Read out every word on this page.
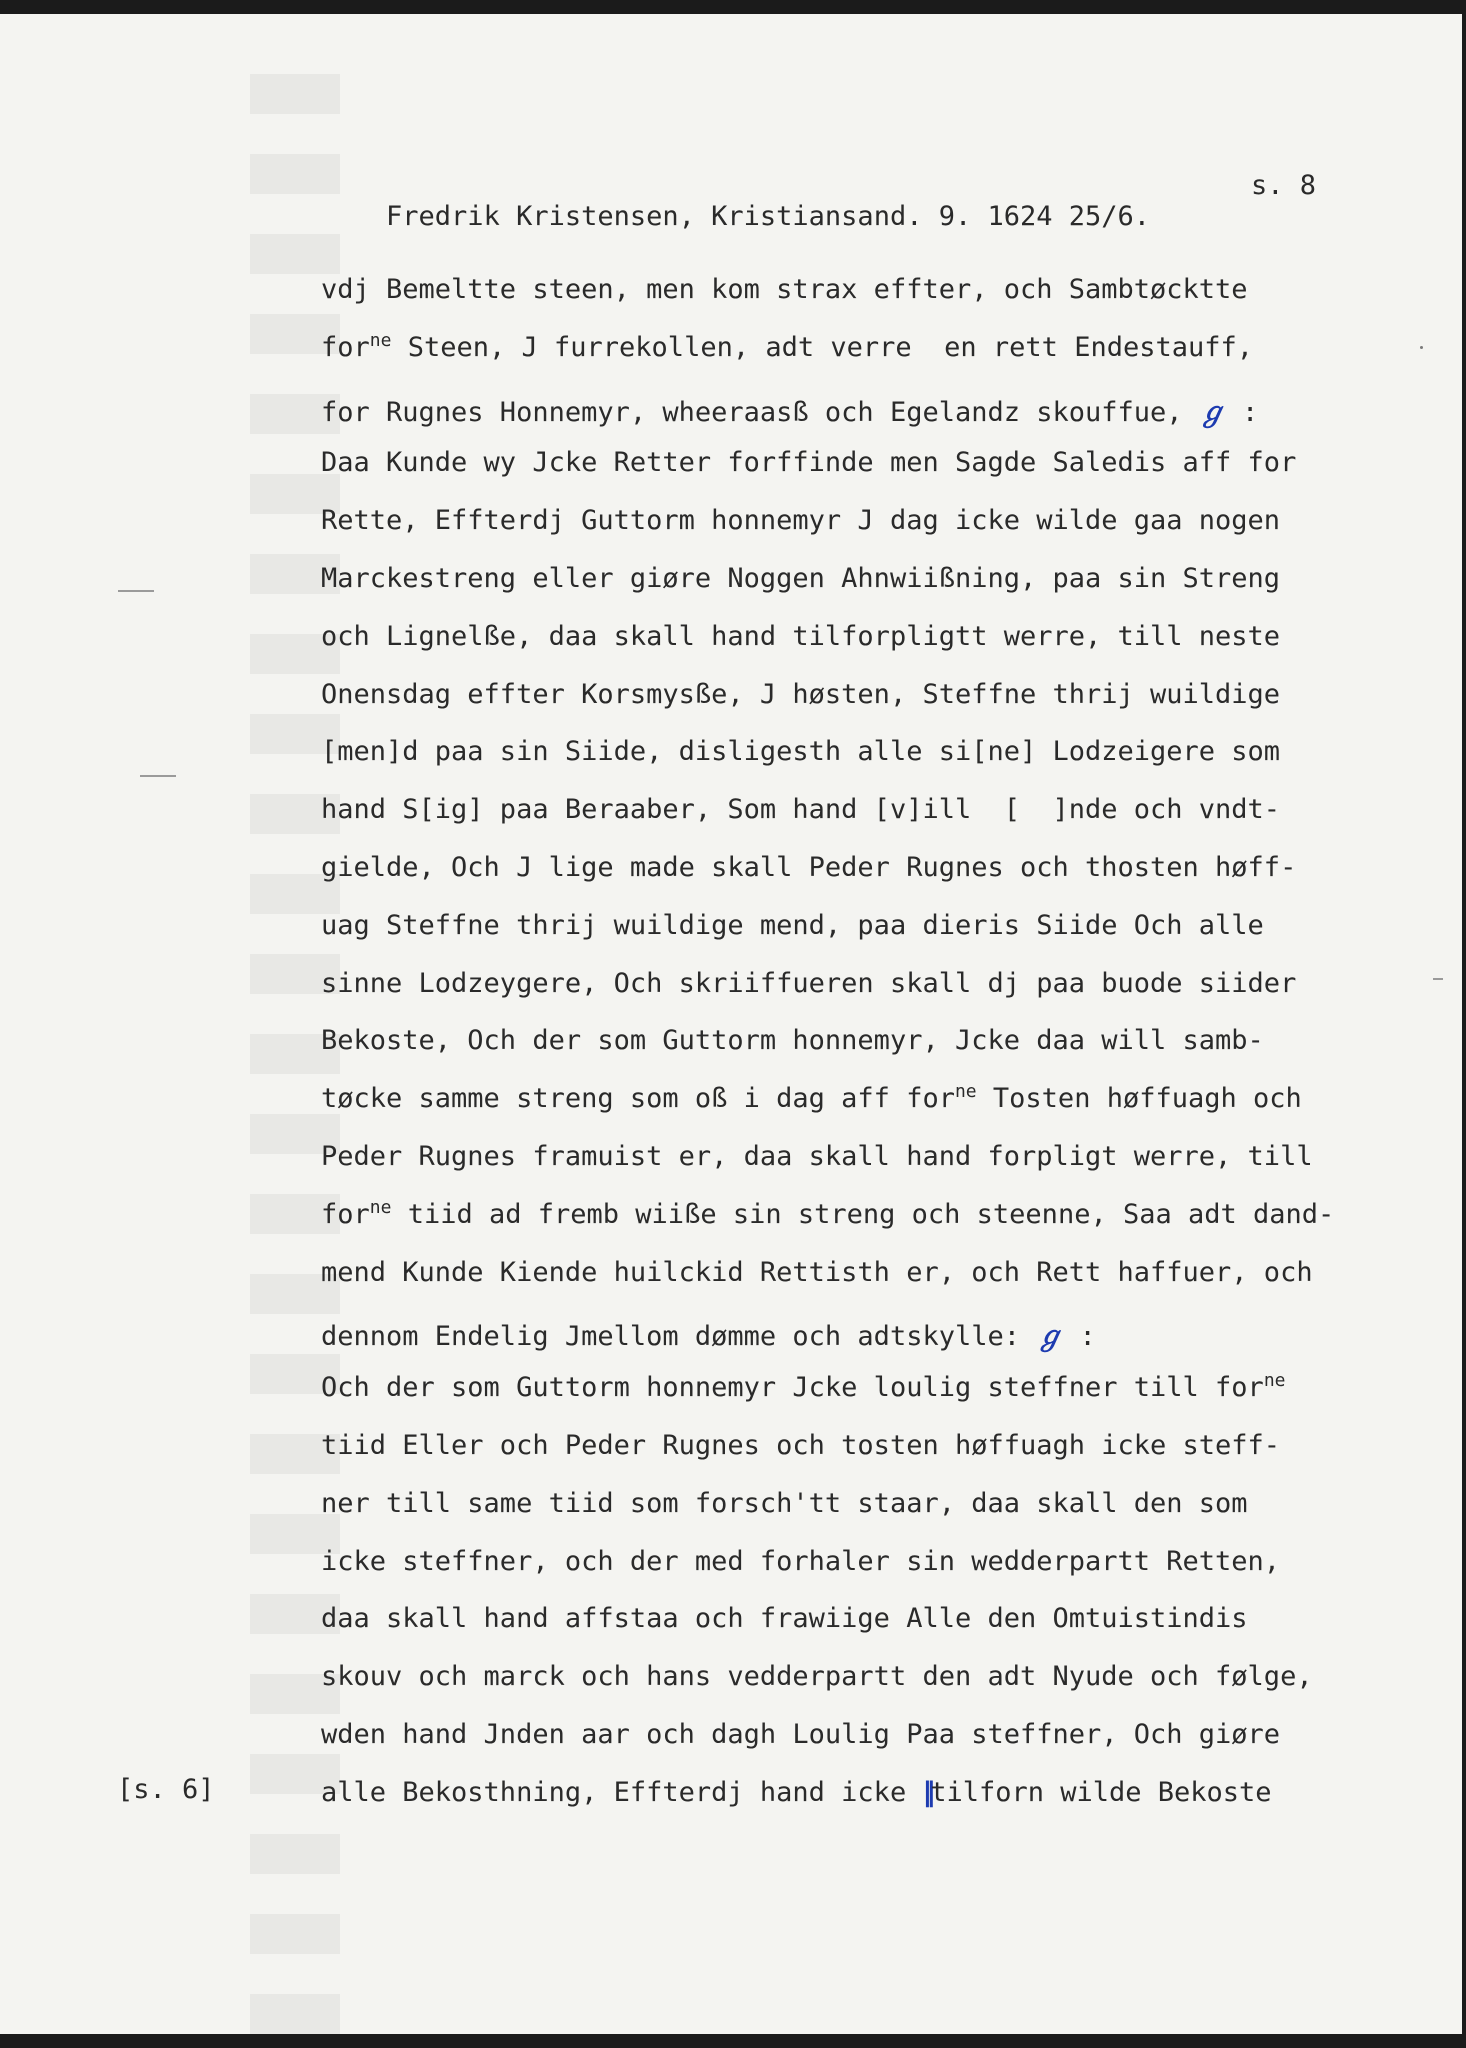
Fredrik Kristensen, Kristiansand. 9. 1624 25/6.

s. 8

[s. 6]
vdj Bemeltte steen, men kom strax effter, och Sambtøcktte
for$^{ne}$ Steen, J furrekollen, adt verre  en rett Endestauff,
for Rugnes Honnemyr, wheeraasß och Egelandz skouffue, ℊ :
Daa Kunde wy Jcke Retter forffinde men Sagde Saledis aff for
Rette, Effterdj Guttorm honnemyr J dag icke wilde gaa nogen
Marckestreng eller giøre Noggen Ahnwiißning, paa sin Streng
och Lignelße, daa skall hand tilforpligtt werre, till neste
Onensdag effter Korsmysße, J høsten, Steffne thrij wuildige
[men]d paa sin Siide, disligesth alle si[ne] Lodzeigere som
hand S[ig] paa Beraaber, Som hand [v]ill  [  ]nde och vndt-
gielde, Och J lige made skall Peder Rugnes och thosten høff-
uag Steffne thrij wuildige mend, paa dieris Siide Och alle
sinne Lodzeygere, Och skriiffueren skall dj paa buode siider
Bekoste, Och der som Guttorm honnemyr, Jcke daa will samb-
tøcke samme streng som oß i dag aff for$^{ne}$ Tosten høffuagh och
Peder Rugnes framuist er, daa skall hand forpligt werre, till
for$^{ne}$ tiid ad fremb wiiße sin streng och steenne, Saa adt dand-
mend Kunde Kiende huilckid Rettisth er, och Rett haffuer, och
dennom Endelig Jmellom dømme och adtskylle: ℊ :
Och der som Guttorm honnemyr Jcke loulig steffner till for$^{ne}$
tiid Eller och Peder Rugnes och tosten høffuagh icke steff-
ner till same tiid som forsch'tt staar, daa skall den som
icke steffner, och der med forhaler sin wedderpartt Retten,
daa skall hand affstaa och frawiige Alle den Omtuistindis
skouv och marck och hans vedderpartt den adt Nyude och følge,
wden hand Jnden aar och dagh Loulig Paa steffner, Och giøre
alle Bekosthning, Effterdj hand icke ||tilforn wilde Bekoste
